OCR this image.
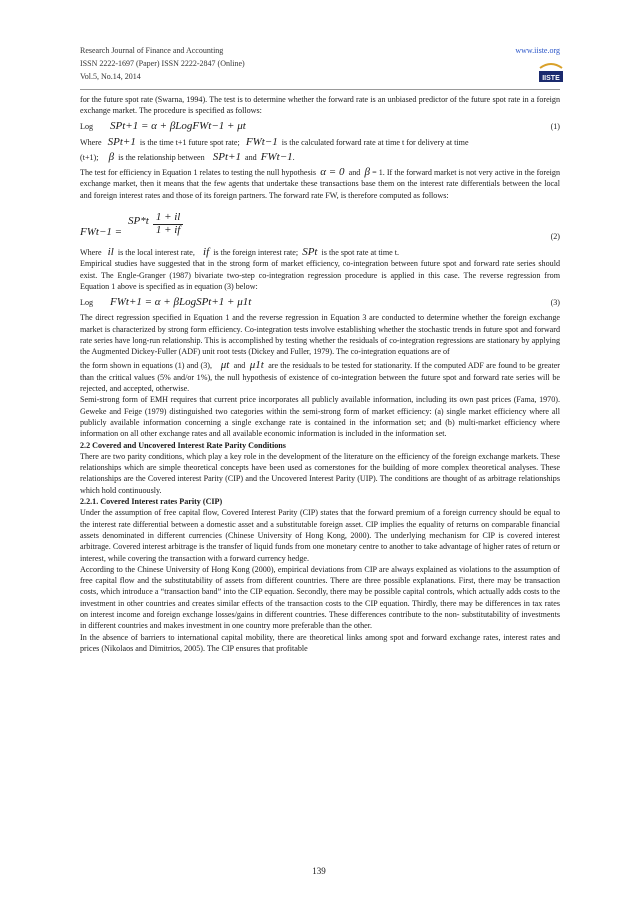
Research Journal of Finance and Accounting
ISSN 2222-1697 (Paper) ISSN 2222-2847 (Online)
Vol.5, No.14, 2014
www.iiste.org
IISTE

for the future spot rate (Swarna, 1994). The test is to determine whether the forward rate is an unbiased predictor of the future spot rate in a foreign exchange market. The procedure is specified as follows:

Log	SPt+1 = α + βLogFWt−1 + μt	(1)

Where SPt+1 is the time t+1 future spot rate; FWt−1 is the calculated forward rate at time t for delivery at time

(t+1); β is the relationship between SPt+1 and FWt−1.

The test for efficiency in Equation 1 relates to testing the null hypothesis α = 0 and β = 1. If the forward market is not very active in the foreign exchange market, then it means that the few agents that undertake these transactions base them on the interest rate differentials between the local and foreign interest rates and those of its foreign partners. The forward rate FW, is therefore computed as follows:

FWt−1 =
$SP*t \frac{1 + il}{1 + if}$
(2)

Where il is the local interest rate, if is the foreign interest rate; SPt is the spot rate at time t.

Empirical studies have suggested that in the strong form of market efficiency, co-integration between future spot and forward rate series should exist. The Engle-Granger (1987) bivariate two-step co-integration regression procedure is applied in this case. The reverse regression from Equation 1 above is specified as in equation (3) below:

Log	FWt+1 = α + βLogSPt+1 + μ1t	(3)

The direct regression specified in Equation 1 and the reverse regression in Equation 3 are conducted to determine whether the foreign exchange market is characterized by strong form efficiency. Co-integration tests involve establishing whether the stochastic trends in future spot and forward rate series have long-run relationship. This is accomplished by testing whether the residuals of co-integration regressions are stationary by applying the Augmented Dickey-Fuller (ADF) unit root tests (Dickey and Fuller, 1979). The co-integration equations are of

the form shown in equations (1) and (3), μt and μ1t are the residuals to be tested for stationarity. If the computed ADF are found to be greater than the critical values (5% and/or 1%), the null hypothesis of existence of co-integration between the future spot and forward rate series will be rejected, and accepted, otherwise.

Semi-strong form of EMH requires that current price incorporates all publicly available information, including its own past prices (Fama, 1970). Geweke and Feige (1979) distinguished two categories within the semi-strong form of market efficiency: (a) single market efficiency where all publicly available information concerning a single exchange rate is contained in the information set; and (b) multi-market efficiency where information on all other exchange rates and all available economic information is included in the information set.

2.2 Covered and Uncovered Interest Rate Parity Conditions

There are two parity conditions, which play a key role in the development of the literature on the efficiency of the foreign exchange markets. These relationships which are simple theoretical concepts have been used as cornerstones for the building of more complex theoretical analyses. These relationships are the Covered interest Parity (CIP) and the Uncovered Interest Parity (UIP). The conditions are thought of as arbitrage relationships which hold continuously.

2.2.1. Covered Interest rates Parity (CIP)

Under the assumption of free capital flow, Covered Interest Parity (CIP) states that the forward premium of a foreign currency should be equal to the interest rate differential between a domestic asset and a substitutable foreign asset. CIP implies the equality of returns on comparable financial assets denominated in different currencies (Chinese University of Hong Kong, 2000). The underlying mechanism for CIP is covered interest arbitrage. Covered interest arbitrage is the transfer of liquid funds from one monetary centre to another to take advantage of higher rates of return or interest, while covering the transaction with a forward currency hedge.

According to the Chinese University of Hong Kong (2000), empirical deviations from CIP are always explained as violations to the assumption of free capital flow and the substitutability of assets from different countries. There are three possible explanations. First, there may be transaction costs, which introduce a “transaction band” into the CIP equation. Secondly, there may be possible capital controls, which actually adds costs to the investment in other countries and creates similar effects of the transaction costs to the CIP equation. Thirdly, there may be differences in tax rates on interest income and foreign exchange losses/gains in different countries. These differences contribute to the non- substitutability of investments in different countries and makes investment in one country more preferable than the other.

In the absence of barriers to international capital mobility, there are theoretical links among spot and forward exchange rates, interest rates and prices (Nikolaos and Dimitrios, 2005). The CIP ensures that profitable

139
